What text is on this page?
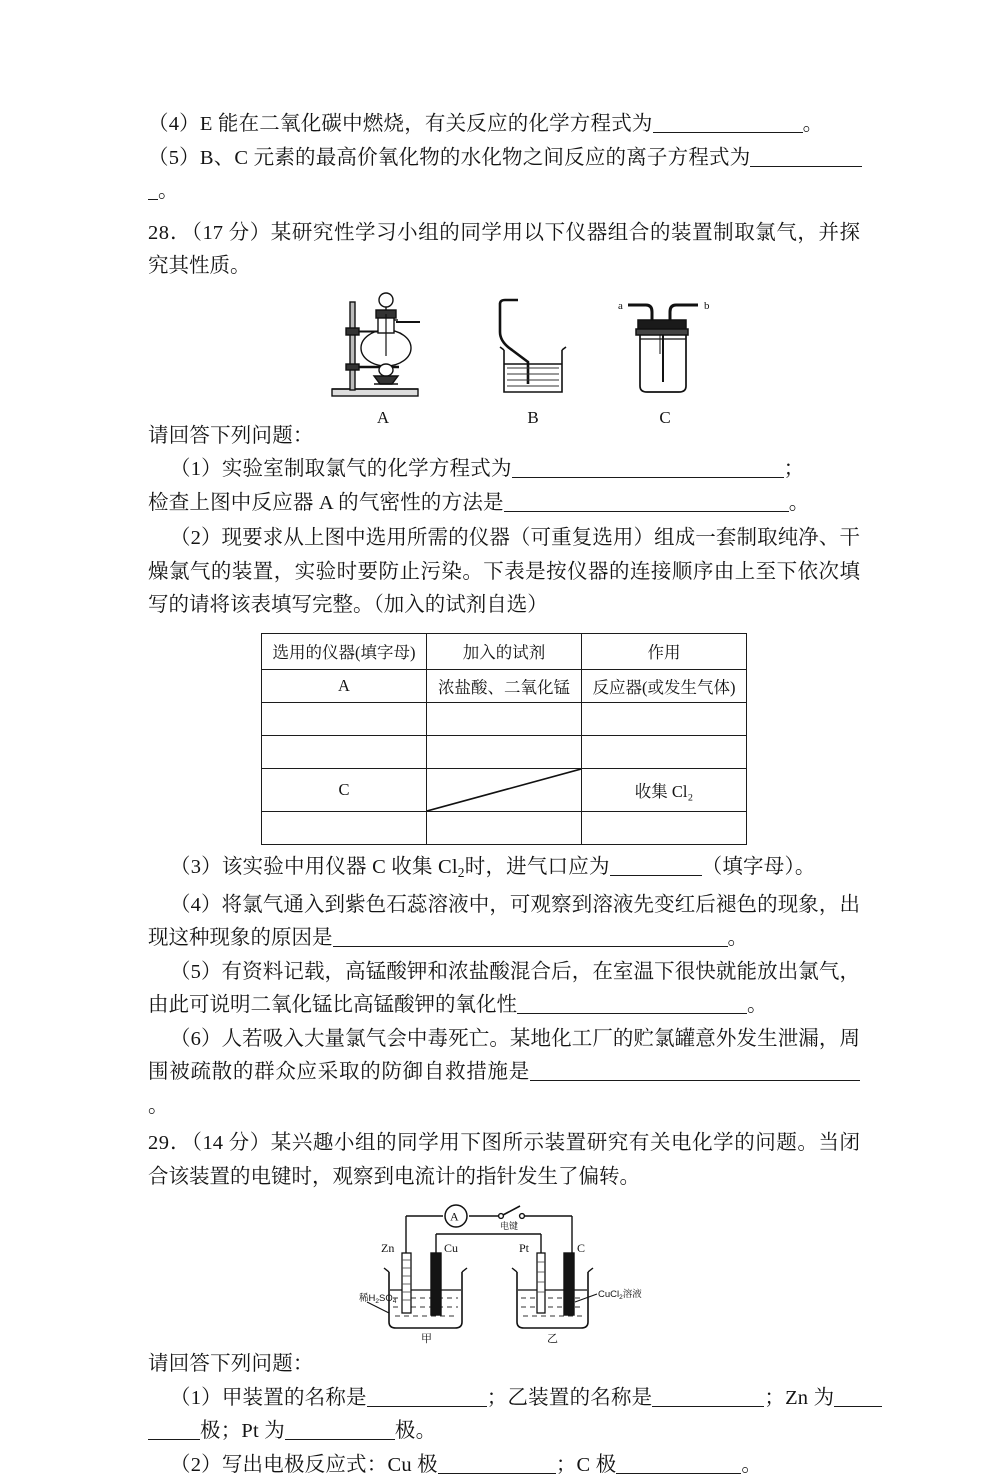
（4）E 能在二氧化碳中燃烧，有关反应的化学方程式为	。
（5）B、C 元素的最高价氧化物的水化物之间反应的离子方程式为
。
28．（17 分）某研究性学习小组的同学用以下仪器组合的装置制取氯气，并探究其性质。
A	B
a	b
C
请回答下列问题：
（1）实验室制取氯气的化学方程式为	；
检查上图中反应器 A 的气密性的方法是	。
（2）现要求从上图中选用所需的仪器（可重复选用）组成一套制取纯净、干燥氯气的装置，实验时要防止污染。下表是按仪器的连接顺序由上至下依次填写的请将该表填写完整。（加入的试剂自选）
选用的仪器(填字母)	加入的试剂	作用
A	浓盐酸、二氧化锰	反应器(或发生气体)

C		收集 Cl₂

（3）该实验中用仪器 C 收集 $Cl_2$时，进气口应为	（填字母）。
（4）将氯气通入到紫色石蕊溶液中，可观察到溶液先变红后褪色的现象，出现这种现象的原因是	。
（5）有资料记载，高锰酸钾和浓盐酸混合后，在室温下很快就能放出氯气，由此可说明二氧化锰比高锰酸钾的氧化性	。
（6）人若吸入大量氯气会中毒死亡。某地化工厂的贮氯罐意外发生泄漏，周围被疏散的群众应采取的防御自救措施是。
29．（14 分）某兴趣小组的同学用下图所示装置研究有关电化学的问题。当闭合该装置的电键时，观察到电流计的指针发生了偏转。
A
电键
Zn	Cu	Pt	C
稀$H_2SO_4$
CuCl$_2$溶液
甲	乙
请回答下列问题：
（1）甲装置的名称是	；乙装置的名称是	；Zn 为
极；Pt 为	极。
（2）写出电极反应式：Cu 极	；C 极	。
